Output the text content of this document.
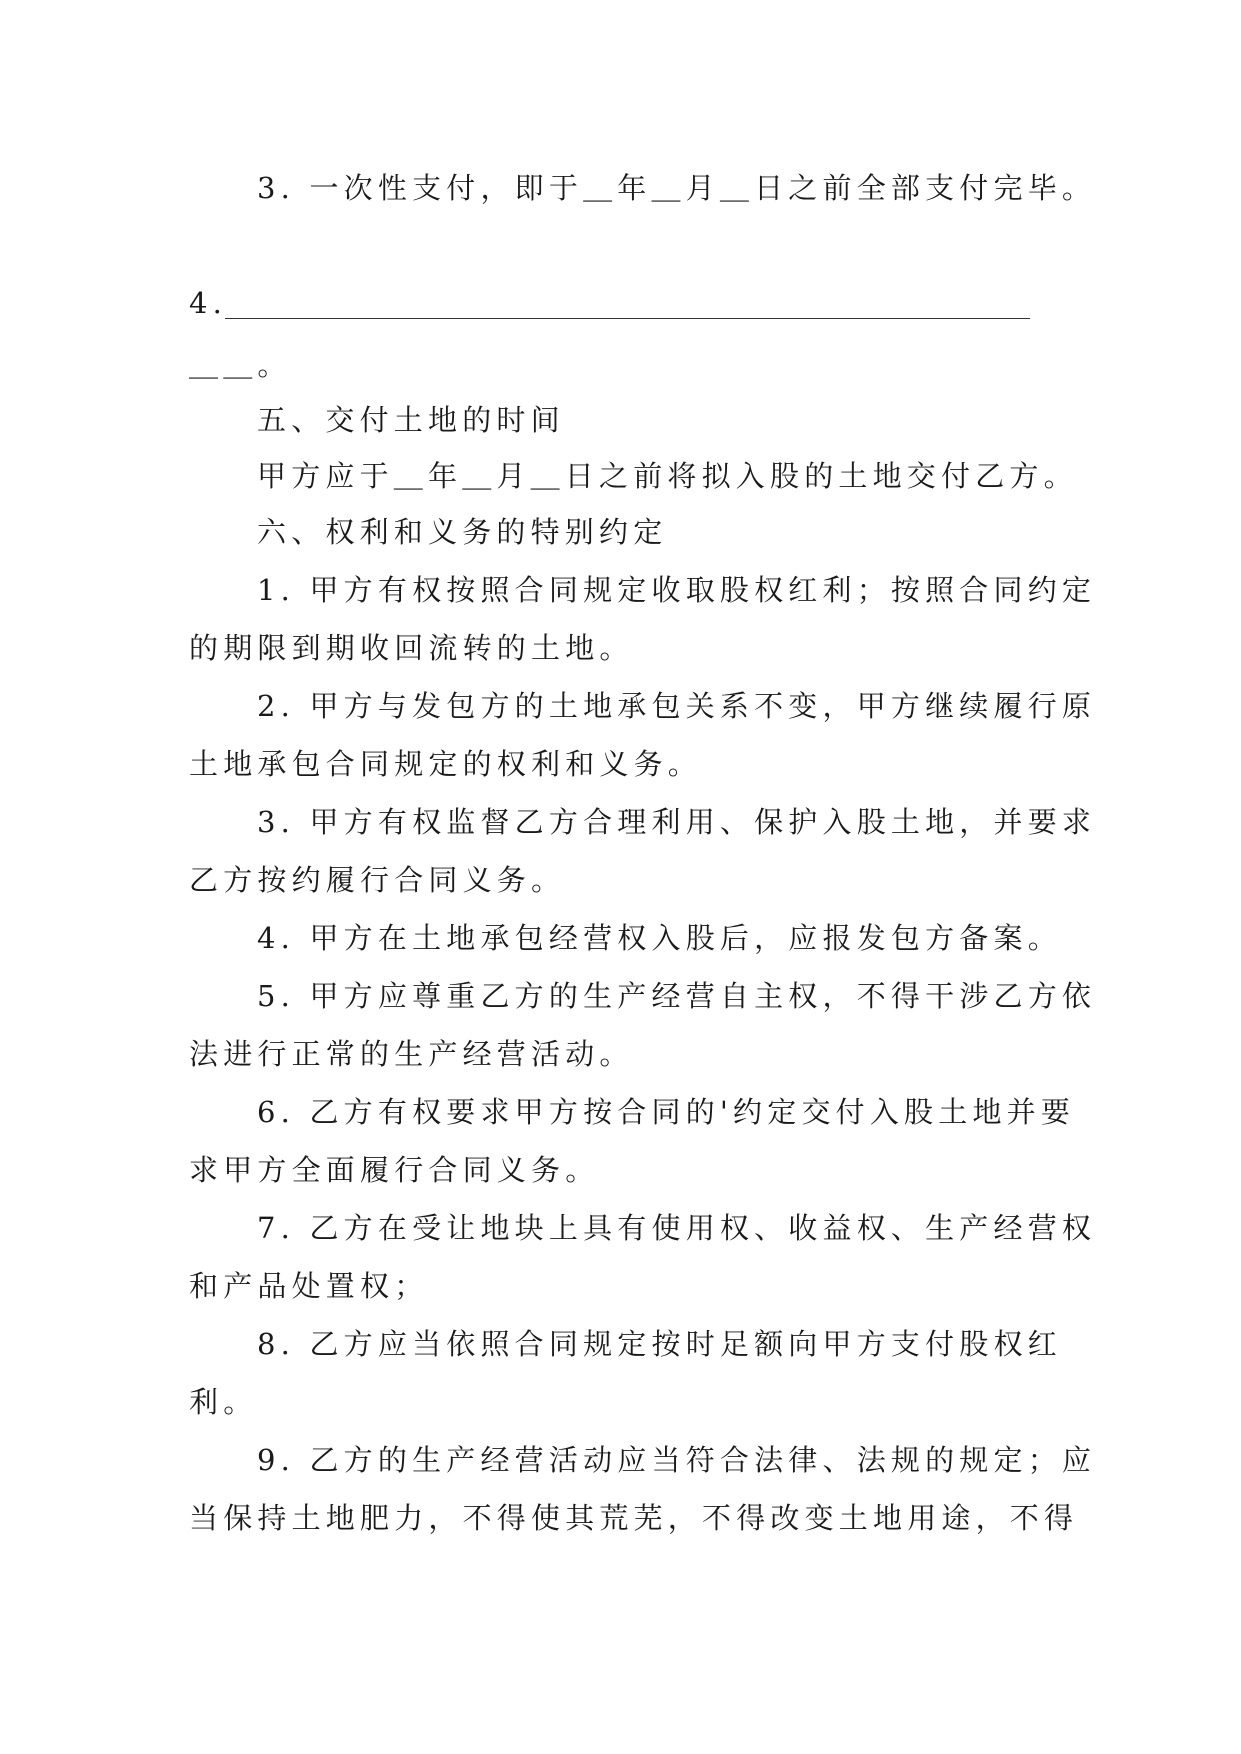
3. 一次性支付，即于＿年＿月＿日之前全部支付完毕。
4.
＿＿。
五、交付土地的时间
甲方应于＿年＿月＿日之前将拟入股的土地交付乙方。
六、权利和义务的特别约定
1. 甲方有权按照合同规定收取股权红利；按照合同约定
的期限到期收回流转的土地。
2. 甲方与发包方的土地承包关系不变，甲方继续履行原
土地承包合同规定的权利和义务。
3. 甲方有权监督乙方合理利用、保护入股土地，并要求
乙方按约履行合同义务。
4. 甲方在土地承包经营权入股后，应报发包方备案。
5. 甲方应尊重乙方的生产经营自主权，不得干涉乙方依
法进行正常的生产经营活动。
6. 乙方有权要求甲方按合同的'约定交付入股土地并要
求甲方全面履行合同义务。
7. 乙方在受让地块上具有使用权、收益权、生产经营权
和产品处置权；
8. 乙方应当依照合同规定按时足额向甲方支付股权红
利。
9. 乙方的生产经营活动应当符合法律、法规的规定；应
当保持土地肥力，不得使其荒芜，不得改变土地用途，不得
